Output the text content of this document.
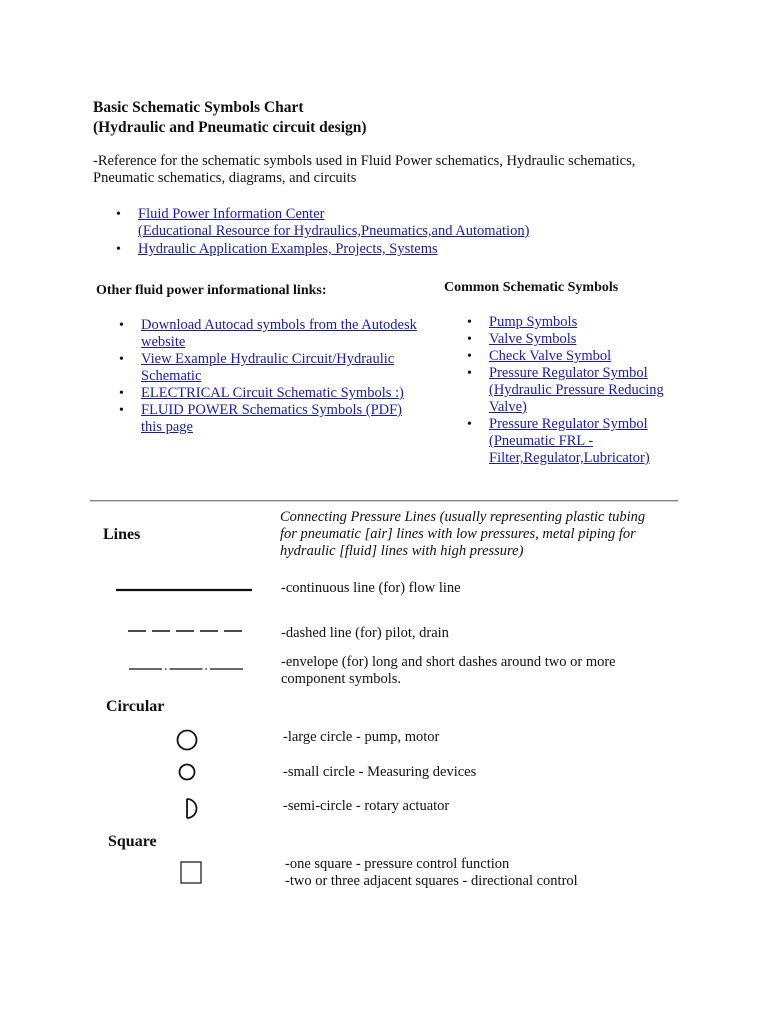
Basic Schematic Symbols Chart
(Hydraulic and Pneumatic circuit design)
-Reference for the schematic symbols used in Fluid Power schematics, Hydraulic schematics,
Pneumatic schematics, diagrams, and circuits
• Fluid Power Information Center
(Educational Resource for Hydraulics,Pneumatics,and Automation)
• Hydraulic Application Examples, Projects, Systems
Other fluid power informational links:	Common Schematic Symbols
• Download Autocad symbols from the Autodesk
website
• View Example Hydraulic Circuit/Hydraulic
Schematic
• ELECTRICAL Circuit Schematic Symbols :)
• FLUID POWER Schematics Symbols (PDF)
this page
• Pump Symbols
• Valve Symbols
• Check Valve Symbol
• Pressure Regulator Symbol
(Hydraulic Pressure Reducing
Valve)
• Pressure Regulator Symbol
(Pneumatic FRL -
Filter,Regulator,Lubricator)
Lines
Connecting Pressure Lines (usually representing plastic tubing
for pneumatic [air] lines with low pressures, metal piping for
hydraulic [fluid] lines with high pressure)
-continuous line (for) flow line
-dashed line (for) pilot, drain
-envelope (for) long and short dashes around two or more
component symbols.
Circular
-large circle - pump, motor
-small circle - Measuring devices
-semi-circle - rotary actuator
Square
-one square - pressure control function
-two or three adjacent squares - directional control
